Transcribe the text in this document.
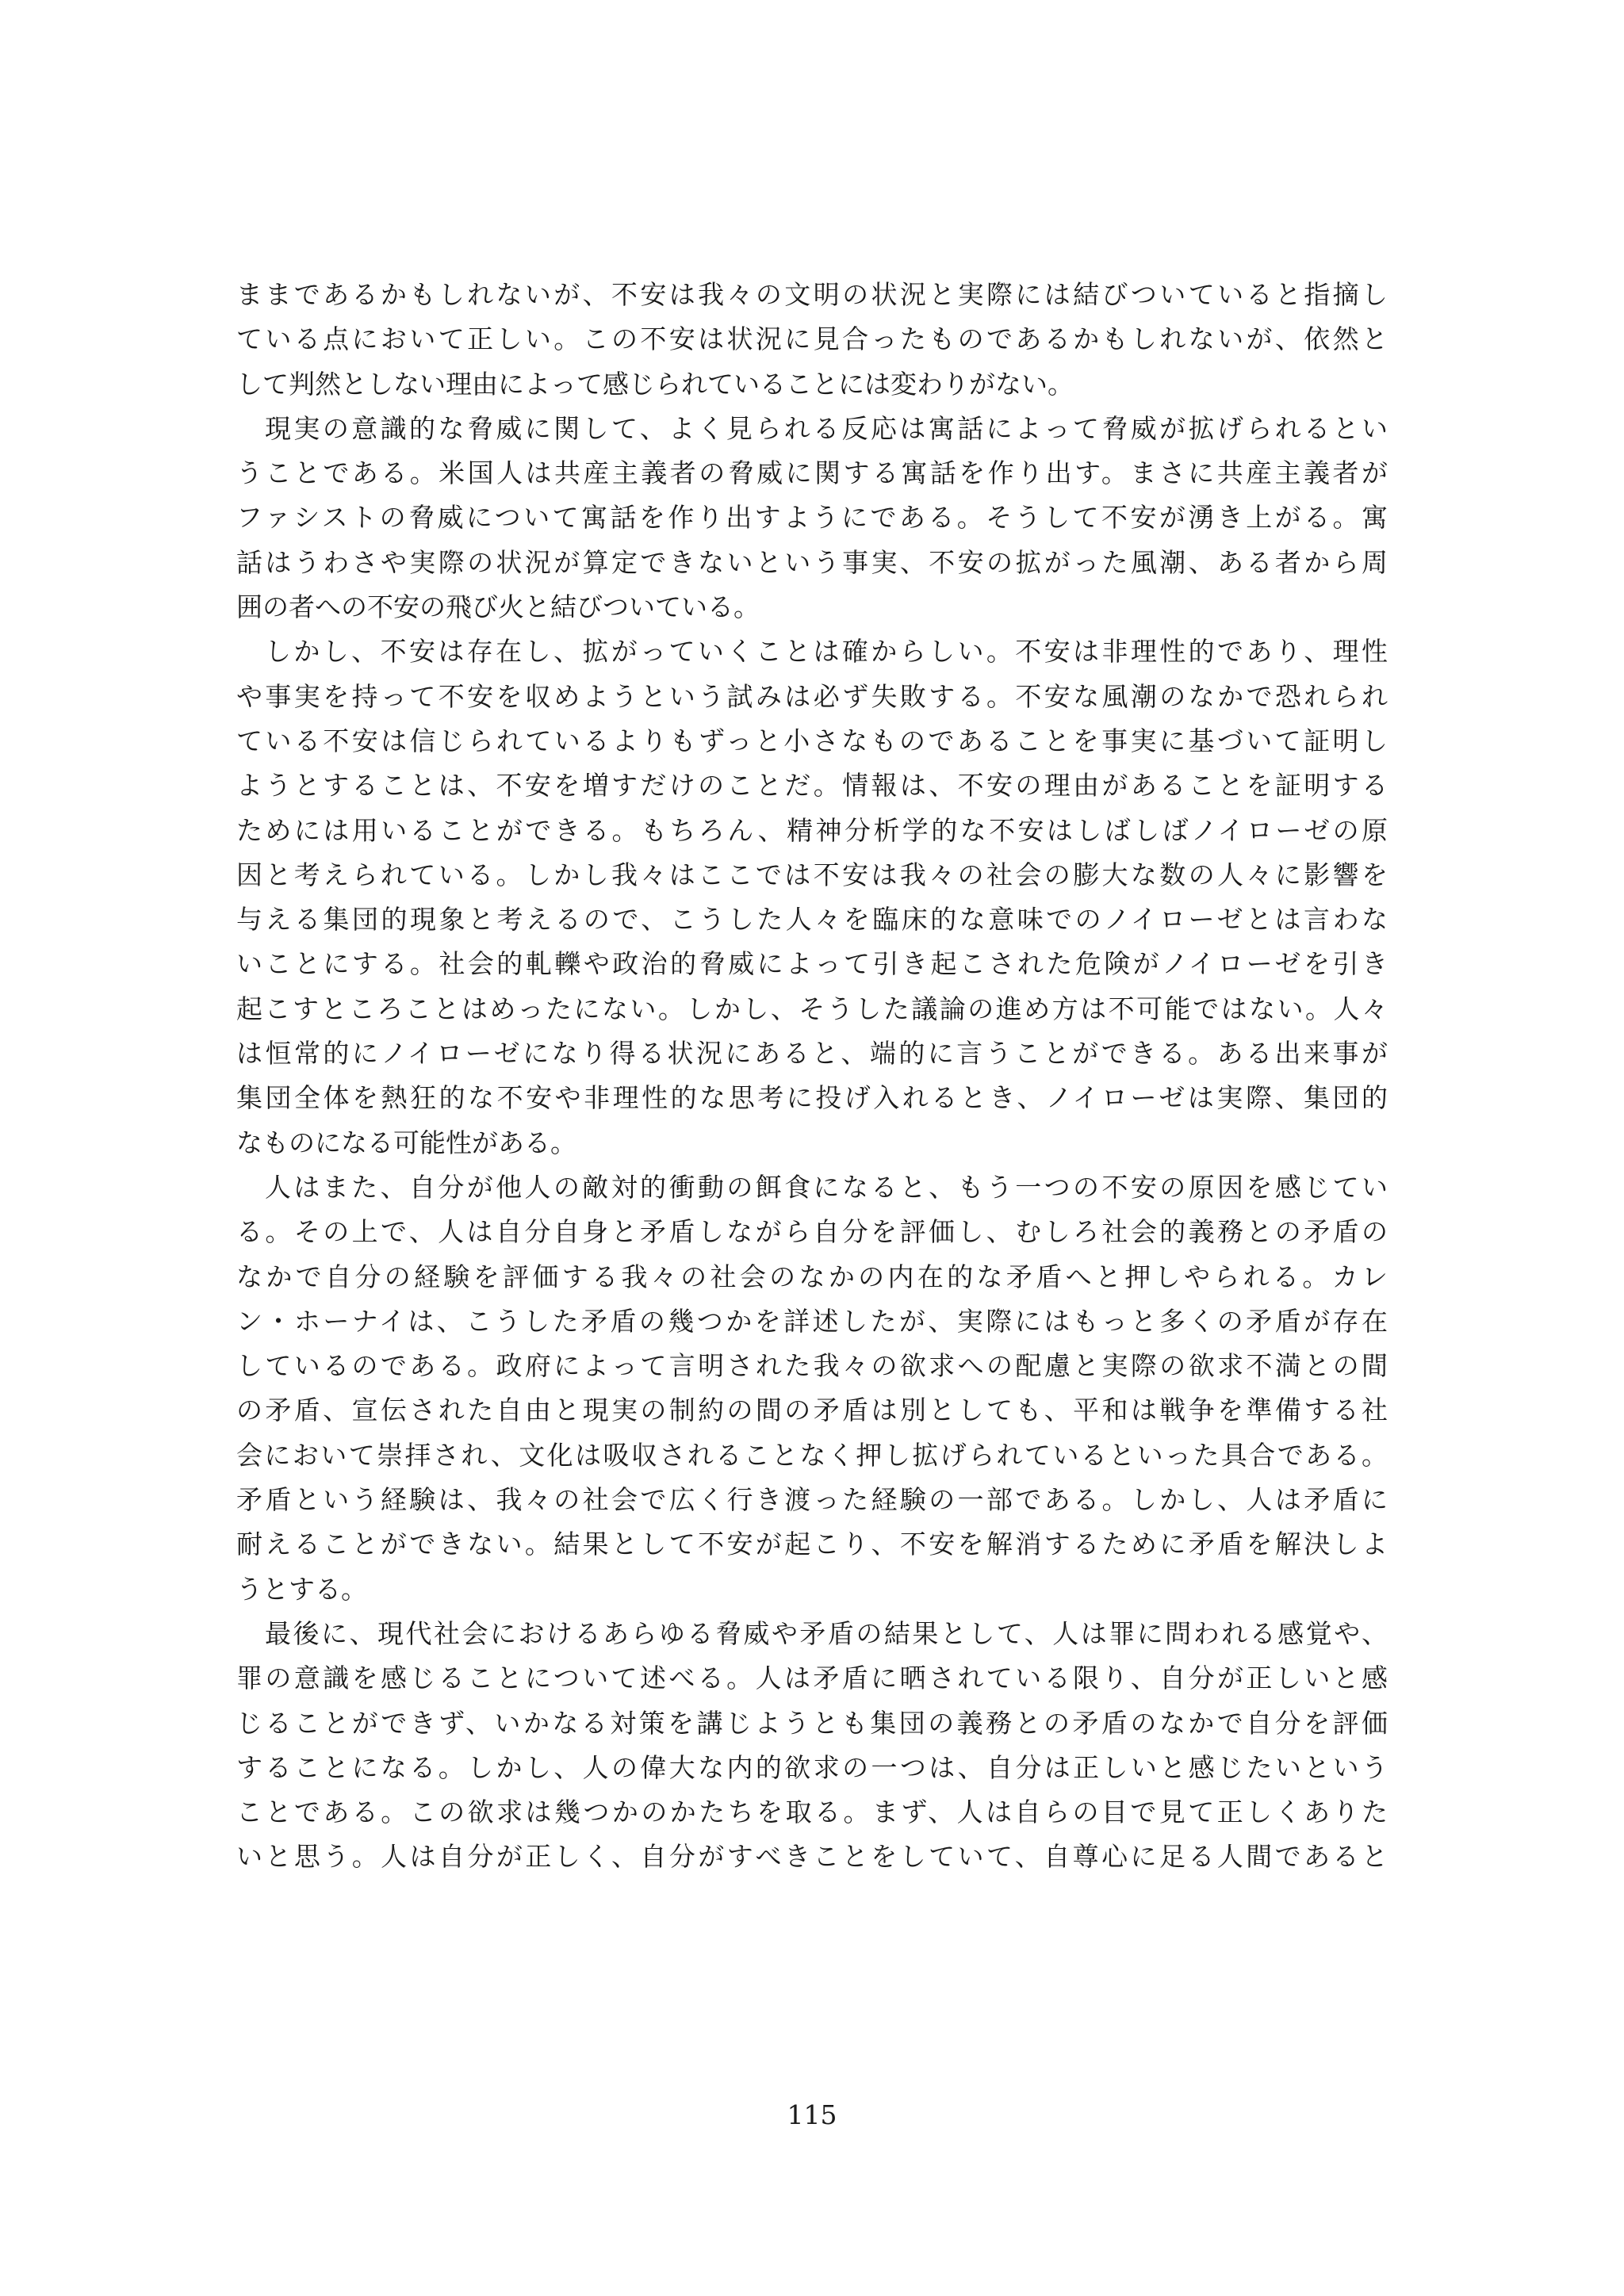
ままであるかもしれないが、不安は我々の文明の状況と実際には結びついていると指摘し
ている点において正しい。この不安は状況に見合ったものであるかもしれないが、依然と
して判然としない理由によって感じられていることには変わりがない。
現実の意識的な脅威に関して、よく見られる反応は寓話によって脅威が拡げられるとい
うことである。米国人は共産主義者の脅威に関する寓話を作り出す。まさに共産主義者が
ファシストの脅威について寓話を作り出すようにである。そうして不安が湧き上がる。寓
話はうわさや実際の状況が算定できないという事実、不安の拡がった風潮、ある者から周
囲の者への不安の飛び火と結びついている。
しかし、不安は存在し、拡がっていくことは確からしい。不安は非理性的であり、理性
や事実を持って不安を収めようという試みは必ず失敗する。不安な風潮のなかで恐れられ
ている不安は信じられているよりもずっと小さなものであることを事実に基づいて証明し
ようとすることは、不安を増すだけのことだ。情報は、不安の理由があることを証明する
ためには用いることができる。もちろん、精神分析学的な不安はしばしばノイローゼの原
因と考えられている。しかし我々はここでは不安は我々の社会の膨大な数の人々に影響を
与える集団的現象と考えるので、こうした人々を臨床的な意味でのノイローゼとは言わな
いことにする。社会的軋轢や政治的脅威によって引き起こされた危険がノイローゼを引き
起こすところことはめったにない。しかし、そうした議論の進め方は不可能ではない。人々
は恒常的にノイローゼになり得る状況にあると、端的に言うことができる。ある出来事が
集団全体を熱狂的な不安や非理性的な思考に投げ入れるとき、ノイローゼは実際、集団的
なものになる可能性がある。
人はまた、自分が他人の敵対的衝動の餌食になると、もう一つの不安の原因を感じてい
る。その上で、人は自分自身と矛盾しながら自分を評価し、むしろ社会的義務との矛盾の
なかで自分の経験を評価する我々の社会のなかの内在的な矛盾へと押しやられる。カレ
ン・ホーナイは、こうした矛盾の幾つかを詳述したが、実際にはもっと多くの矛盾が存在
しているのである。政府によって言明された我々の欲求への配慮と実際の欲求不満との間
の矛盾、宣伝された自由と現実の制約の間の矛盾は別としても、平和は戦争を準備する社
会において崇拝され、文化は吸収されることなく押し拡げられているといった具合である。
矛盾という経験は、我々の社会で広く行き渡った経験の一部である。しかし、人は矛盾に
耐えることができない。結果として不安が起こり、不安を解消するために矛盾を解決しよ
うとする。
最後に、現代社会におけるあらゆる脅威や矛盾の結果として、人は罪に問われる感覚や、
罪の意識を感じることについて述べる。人は矛盾に晒されている限り、自分が正しいと感
じることができず、いかなる対策を講じようとも集団の義務との矛盾のなかで自分を評価
することになる。しかし、人の偉大な内的欲求の一つは、自分は正しいと感じたいという
ことである。この欲求は幾つかのかたちを取る。まず、人は自らの目で見て正しくありた
いと思う。人は自分が正しく、自分がすべきことをしていて、自尊心に足る人間であると
115
